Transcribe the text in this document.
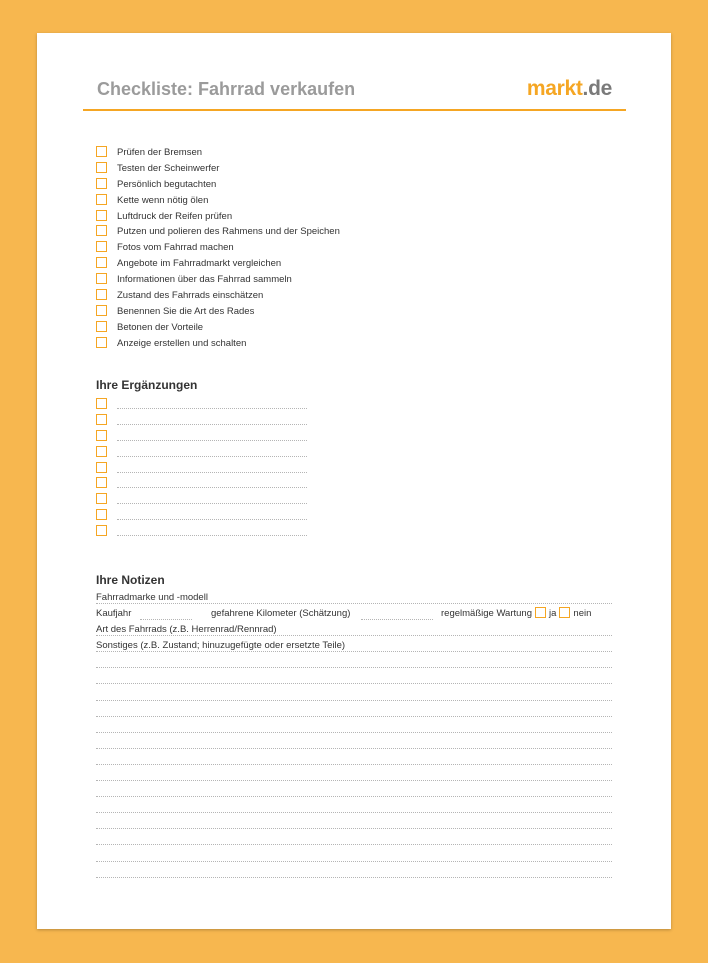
Checkliste: Fahrrad verkaufen	markt.de
Prüfen der Bremsen
Testen der Scheinwerfer
Persönlich begutachten
Kette wenn nötig ölen
Luftdruck der Reifen prüfen
Putzen und polieren des Rahmens und der Speichen
Fotos vom Fahrrad machen
Angebote im Fahrradmarkt vergleichen
Informationen über das Fahrrad sammeln
Zustand des Fahrrads einschätzen
Benennen Sie die Art des Rades
Betonen der Vorteile
Anzeige erstellen und schalten
Ihre Ergänzungen
Ihre Notizen
Fahrradmarke und -modell
Kaufjahr	gefahrene Kilometer (Schätzung)	regelmäßige Wartung ja nein
Art des Fahrrads (z.B. Herrenrad/Rennrad)
Sonstiges (z.B. Zustand; hinuzugefügte oder ersetzte Teile)
